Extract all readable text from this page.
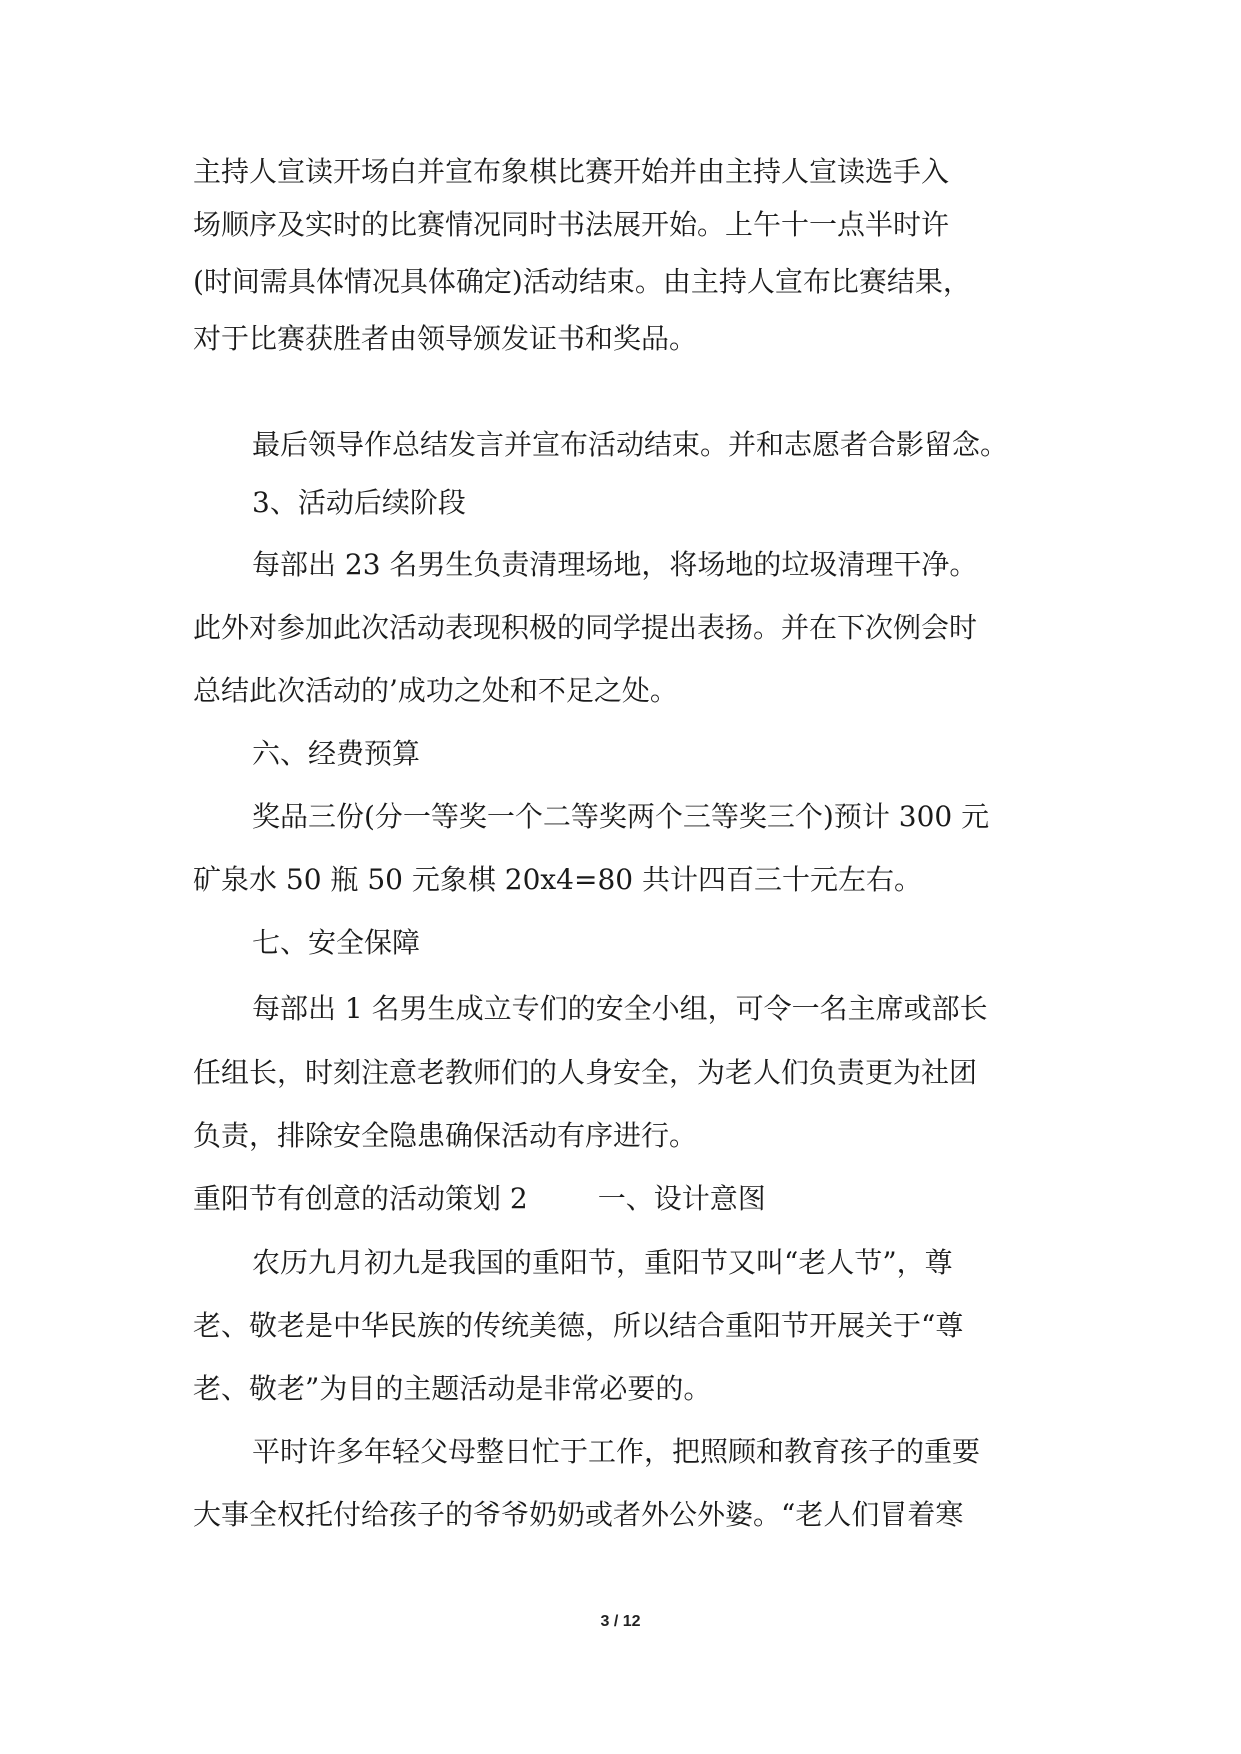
主持人宣读开场白并宣布象棋比赛开始并由主持人宣读选手入
场顺序及实时的比赛情况同时书法展开始。上午十一点半时许
(时间需具体情况具体确定)活动结束。由主持人宣布比赛结果，
对于比赛获胜者由领导颁发证书和奖品。
最后领导作总结发言并宣布活动结束。并和志愿者合影留念。
3、活动后续阶段
每部出 23 名男生负责清理场地，将场地的垃圾清理干净。
此外对参加此次活动表现积极的同学提出表扬。并在下次例会时
总结此次活动的’成功之处和不足之处。
六、经费预算
奖品三份(分一等奖一个二等奖两个三等奖三个)预计 300 元
矿泉水 50 瓶 50 元象棋 20x4=80 共计四百三十元左右。
七、安全保障
每部出 1 名男生成立专们的安全小组，可令一名主席或部长
任组长，时刻注意老教师们的人身安全，为老人们负责更为社团
负责，排除安全隐患确保活动有序进行。
重阳节有创意的活动策划 2	一、设计意图
农历九月初九是我国的重阳节，重阳节又叫“老人节”，尊
老、敬老是中华民族的传统美德，所以结合重阳节开展关于“尊
老、敬老”为目的主题活动是非常必要的。
平时许多年轻父母整日忙于工作，把照顾和教育孩子的重要
大事全权托付给孩子的爷爷奶奶或者外公外婆。“老人们冒着寒
3 / 12
